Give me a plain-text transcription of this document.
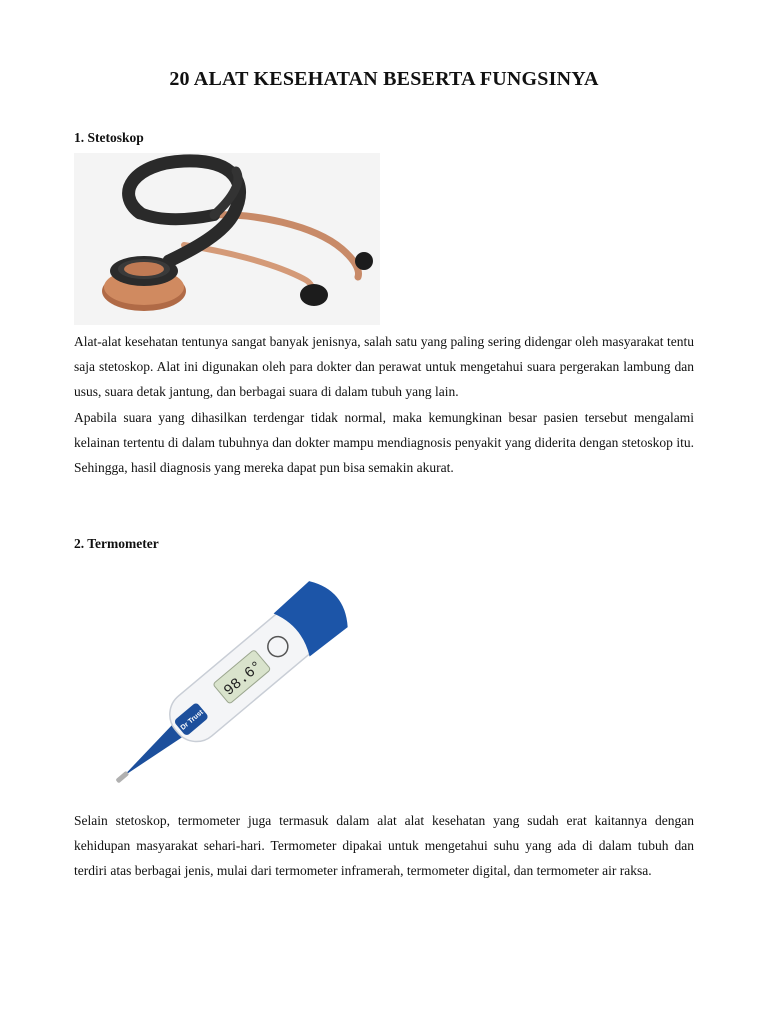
20 ALAT KESEHATAN BESERTA FUNGSINYA
1. Stetoskop

Alat-alat kesehatan tentunya sangat banyak jenisnya, salah satu yang paling sering didengar oleh masyarakat tentu saja stetoskop. Alat ini digunakan oleh para dokter dan perawat untuk mengetahui suara pergerakan lambung dan usus, suara detak jantung, dan berbagai suara di dalam tubuh yang lain.

Apabila suara yang dihasilkan terdengar tidak normal, maka kemungkinan besar pasien tersebut mengalami kelainan tertentu di dalam tubuhnya dan dokter mampu mendiagnosis penyakit yang diderita dengan stetoskop itu. Sehingga, hasil diagnosis yang mereka dapat pun bisa semakin akurat.

2. Termometer
98.6°
Dr Trust

Selain stetoskop, termometer juga termasuk dalam alat alat kesehatan yang sudah erat kaitannya dengan kehidupan masyarakat sehari-hari. Termometer dipakai untuk mengetahui suhu yang ada di dalam tubuh dan terdiri atas berbagai jenis, mulai dari termometer inframerah, termometer digital, dan termometer air raksa.
